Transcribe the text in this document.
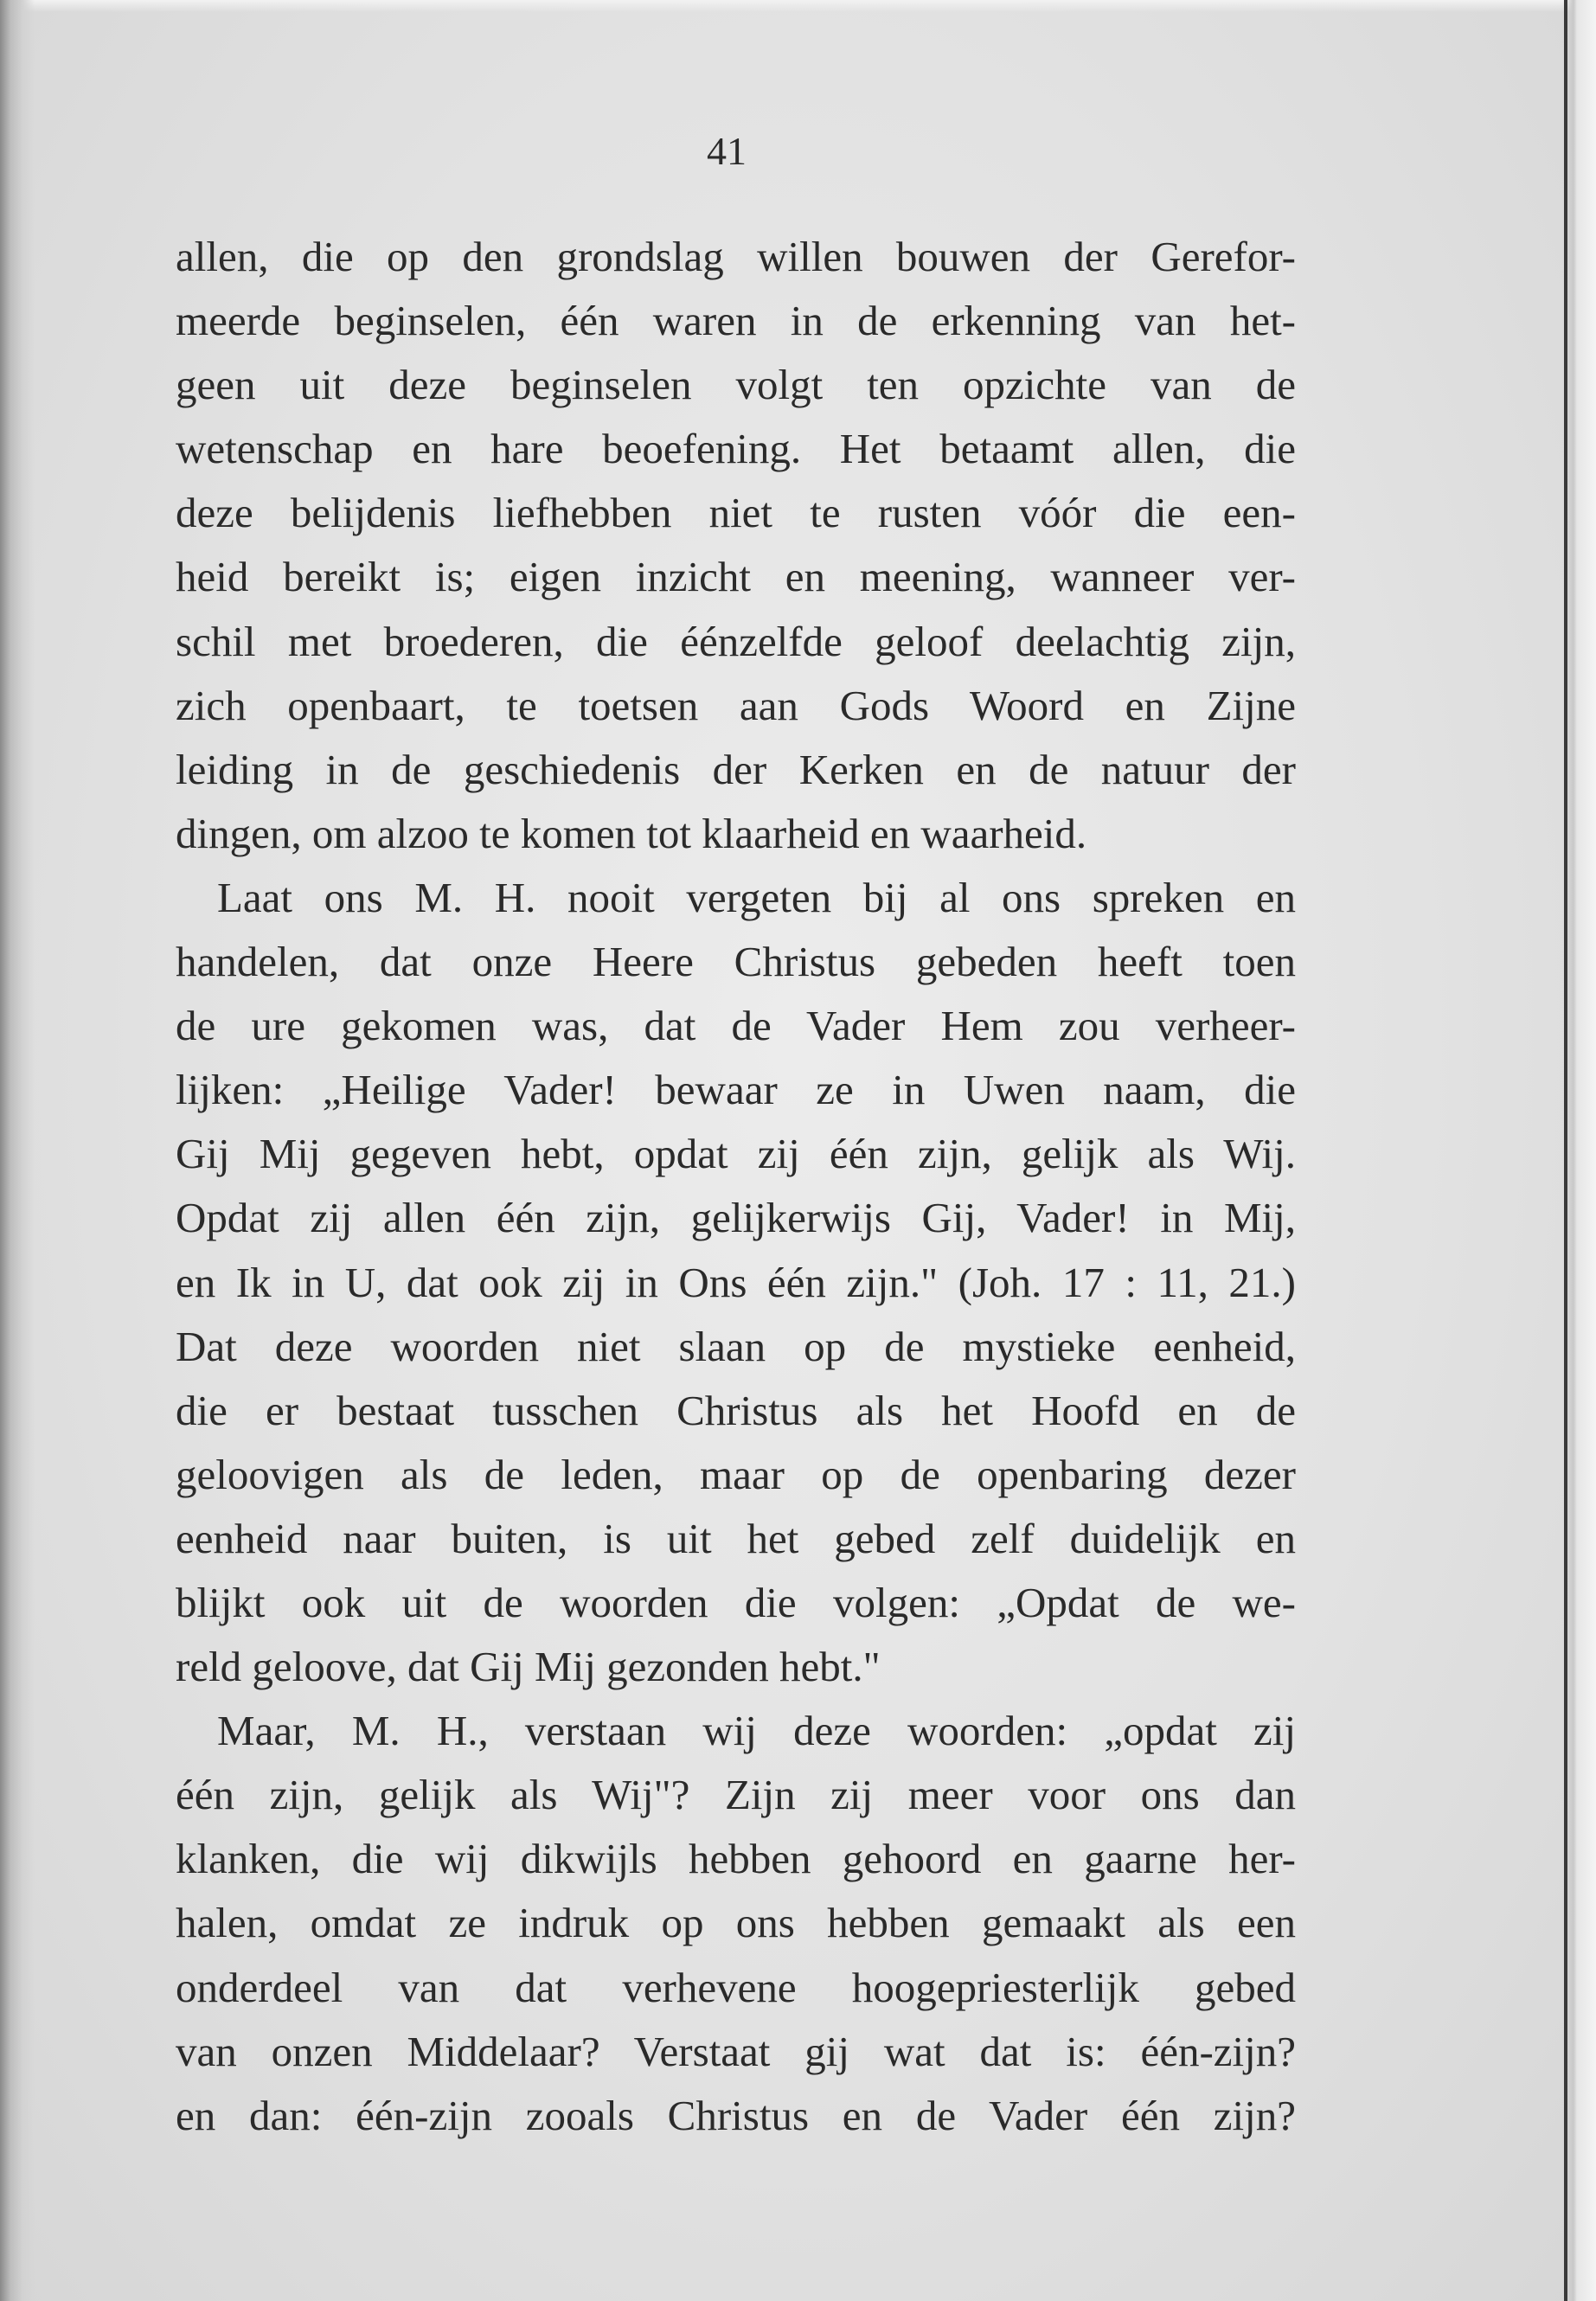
41
allen, die op den grondslag willen bouwen der Gerefor-
meerde beginselen, één waren in de erkenning van het-
geen uit deze beginselen volgt ten opzichte van de
wetenschap en hare beoefening. Het betaamt allen, die
deze belijdenis liefhebben niet te rusten vóór die een-
heid bereikt is; eigen inzicht en meening, wanneer ver-
schil met broederen, die éénzelfde geloof deelachtig zijn,
zich openbaart, te toetsen aan Gods Woord en Zijne
leiding in de geschiedenis der Kerken en de natuur der
dingen, om alzoo te komen tot klaarheid en waarheid.
Laat ons M. H. nooit vergeten bij al ons spreken en
handelen, dat onze Heere Christus gebeden heeft toen
de ure gekomen was, dat de Vader Hem zou verheer-
lijken: „Heilige Vader! bewaar ze in Uwen naam, die
Gij Mij gegeven hebt, opdat zij één zijn, gelijk als Wij.
Opdat zij allen één zijn, gelijkerwijs Gij, Vader! in Mij,
en Ik in U, dat ook zij in Ons één zijn." (Joh. 17 : 11, 21.)
Dat deze woorden niet slaan op de mystieke eenheid,
die er bestaat tusschen Christus als het Hoofd en de
geloovigen als de leden, maar op de openbaring dezer
eenheid naar buiten, is uit het gebed zelf duidelijk en
blijkt ook uit de woorden die volgen: „Opdat de we-
reld geloove, dat Gij Mij gezonden hebt."
Maar, M. H., verstaan wij deze woorden: „opdat zij
één zijn, gelijk als Wij"? Zijn zij meer voor ons dan
klanken, die wij dikwijls hebben gehoord en gaarne her-
halen, omdat ze indruk op ons hebben gemaakt als een
onderdeel van dat verhevene hoogepriesterlijk gebed
van onzen Middelaar? Verstaat gij wat dat is: één-zijn?
en dan: één-zijn zooals Christus en de Vader één zijn?
